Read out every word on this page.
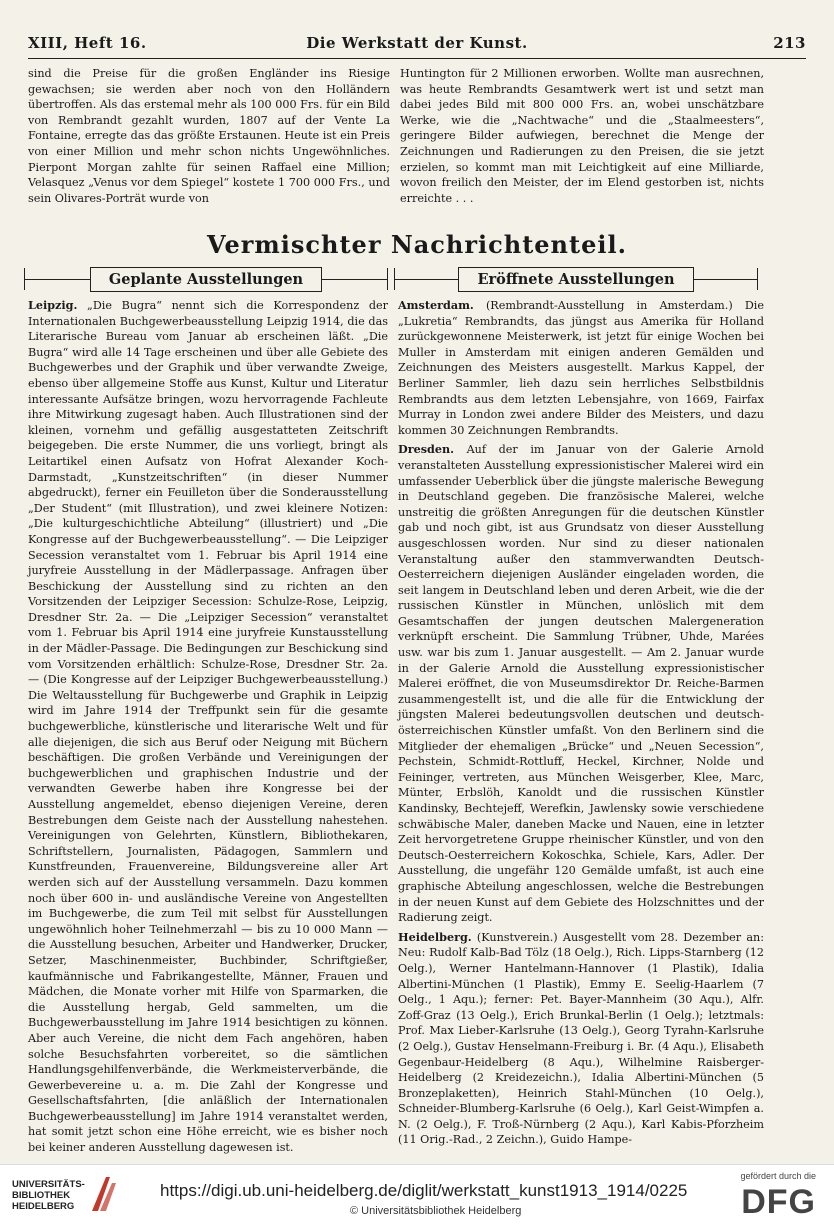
XIII, Heft 16.	Die Werkstatt der Kunst.	213
sind die Preise für die großen Engländer ins Riesige gewachsen; sie werden aber noch von den Holländern übertroffen. Als das erstemal mehr als 100 000 Frs. für ein Bild von Rembrandt gezahlt wurden, 1807 auf der Vente La Fontaine, erregte das das größte Erstaunen. Heute ist ein Preis von einer Million und mehr schon nichts Ungewöhnliches. Pierpont Morgan zahlte für seinen Raffael eine Million; Velasquez „Venus vor dem Spiegel“ kostete 1 700 000 Frs., und sein Olivares-Porträt wurde von
Huntington für 2 Millionen erworben. Wollte man ausrechnen, was heute Rembrandts Gesamtwerk wert ist und setzt man dabei jedes Bild mit 800 000 Frs. an, wobei unschätzbare Werke, wie die „Nachtwache“ und die „Staalmeesters“, geringere Bilder aufwiegen, berechnet die Menge der Zeichnungen und Radierungen zu den Preisen, die sie jetzt erzielen, so kommt man mit Leichtigkeit auf eine Milliarde, wovon freilich den Meister, der im Elend gestorben ist, nichts erreichte . . .
Vermischter Nachrichtenteil.
Geplante Ausstellungen	Eröffnete Ausstellungen

Leipzig. „Die Bugra“ nennt sich die Korrespondenz der Internationalen Buchgewerbeausstellung Leipzig 1914, die das Literarische Bureau vom Januar ab erscheinen läßt. „Die Bugra“ wird alle 14 Tage erscheinen und über alle Gebiete des Buchgewerbes und der Graphik und über verwandte Zweige, ebenso über allgemeine Stoffe aus Kunst, Kultur und Literatur interessante Aufsätze bringen, wozu hervorragende Fachleute ihre Mitwirkung zugesagt haben. Auch Illustrationen sind der kleinen, vornehm und gefällig ausgestatteten Zeitschrift beigegeben. Die erste Nummer, die uns vorliegt, bringt als Leitartikel einen Aufsatz von Hofrat Alexander Koch-Darmstadt, „Kunstzeitschriften“ (in dieser Nummer abgedruckt), ferner ein Feuilleton über die Sonderausstellung „Der Student“ (mit Illustration), und zwei kleinere Notizen: „Die kulturgeschichtliche Abteilung“ (illustriert) und „Die Kongresse auf der Buchgewerbeausstellung“. — Die Leipziger Secession veranstaltet vom 1. Februar bis April 1914 eine juryfreie Ausstellung in der Mädlerpassage. Anfragen über Beschickung der Ausstellung sind zu richten an den Vorsitzenden der Leipziger Secession: Schulze-Rose, Leipzig, Dresdner Str. 2a. — Die „Leipziger Secession“ veranstaltet vom 1. Februar bis April 1914 eine juryfreie Kunstausstellung in der Mädler-Passage. Die Bedingungen zur Beschickung sind vom Vorsitzenden erhältlich: Schulze-Rose, Dresdner Str. 2a. — (Die Kongresse auf der Leipziger Buchgewerbeausstellung.) Die Weltausstellung für Buchgewerbe und Graphik in Leipzig wird im Jahre 1914 der Treffpunkt sein für die gesamte buchgewerbliche, künstlerische und literarische Welt und für alle diejenigen, die sich aus Beruf oder Neigung mit Büchern beschäftigen. Die großen Verbände und Vereinigungen der buchgewerblichen und graphischen Industrie und der verwandten Gewerbe haben ihre Kongresse bei der Ausstellung angemeldet, ebenso diejenigen Vereine, deren Bestrebungen dem Geiste nach der Ausstellung nahestehen. Vereinigungen von Gelehrten, Künstlern, Bibliothekaren, Schriftstellern, Journalisten, Pädagogen, Sammlern und Kunstfreunden, Frauenvereine, Bildungsvereine aller Art werden sich auf der Ausstellung versammeln. Dazu kommen noch über 600 in- und ausländische Vereine von Angestellten im Buchgewerbe, die zum Teil mit selbst für Ausstellungen ungewöhnlich hoher Teilnehmerzahl — bis zu 10 000 Mann — die Ausstellung besuchen, Arbeiter und Handwerker, Drucker, Setzer, Maschinenmeister, Buchbinder, Schriftgießer, kaufmännische und Fabrikangestellte, Männer, Frauen und Mädchen, die Monate vorher mit Hilfe von Sparmarken, die die Ausstellung hergab, Geld sammelten, um die Buchgewerbausstellung im Jahre 1914 besichtigen zu können. Aber auch Vereine, die nicht dem Fach angehören, haben solche Besuchsfahrten vorbereitet, so die sämtlichen Handlungsgehilfenverbände, die Werkmeisterverbände, die Gewerbevereine u. a. m. Die Zahl der Kongresse und Gesellschaftsfahrten, [die anläßlich der Internationalen Buchgewerbeausstellung] im Jahre 1914 veranstaltet werden, hat somit jetzt schon eine Höhe erreicht, wie es bisher noch bei keiner anderen Ausstellung dagewesen ist.

Amsterdam. (Rembrandt-Ausstellung in Amsterdam.) Die „Lukretia“ Rembrandts, das jüngst aus Amerika für Holland zurückgewonnene Meisterwerk, ist jetzt für einige Wochen bei Muller in Amsterdam mit einigen anderen Gemälden und Zeichnungen des Meisters ausgestellt. Markus Kappel, der Berliner Sammler, lieh dazu sein herrliches Selbstbildnis Rembrandts aus dem letzten Lebensjahre, von 1669, Fairfax Murray in London zwei andere Bilder des Meisters, und dazu kommen 30 Zeichnungen Rembrandts.

Dresden. Auf der im Januar von der Galerie Arnold veranstalteten Ausstellung expressionistischer Malerei wird ein umfassender Ueberblick über die jüngste malerische Bewegung in Deutschland gegeben. Die französische Malerei, welche unstreitig die größten Anregungen für die deutschen Künstler gab und noch gibt, ist aus Grundsatz von dieser Ausstellung ausgeschlossen worden. Nur sind zu dieser nationalen Veranstaltung außer den stammverwandten Deutsch-Oesterreichern diejenigen Ausländer eingeladen worden, die seit langem in Deutschland leben und deren Arbeit, wie die der russischen Künstler in München, unlöslich mit dem Gesamtschaffen der jungen deutschen Malergeneration verknüpft erscheint. Die Sammlung Trübner, Uhde, Marées usw. war bis zum 1. Januar ausgestellt. — Am 2. Januar wurde in der Galerie Arnold die Ausstellung expressionistischer Malerei eröffnet, die von Museumsdirektor Dr. Reiche-Barmen zusammengestellt ist, und die alle für die Entwicklung der jüngsten Malerei bedeutungsvollen deutschen und deutsch-österreichischen Künstler umfaßt. Von den Berlinern sind die Mitglieder der ehemaligen „Brücke“ und „Neuen Secession“, Pechstein, Schmidt-Rottluff, Heckel, Kirchner, Nolde und Feininger, vertreten, aus München Weisgerber, Klee, Marc, Münter, Erbslöh, Kanoldt und die russischen Künstler Kandinsky, Bechtejeff, Werefkin, Jawlensky sowie verschiedene schwäbische Maler, daneben Macke und Nauen, eine in letzter Zeit hervorgetretene Gruppe rheinischer Künstler, und von den Deutsch-Oesterreichern Kokoschka, Schiele, Kars, Adler. Der Ausstellung, die ungefähr 120 Gemälde umfaßt, ist auch eine graphische Abteilung angeschlossen, welche die Bestrebungen in der neuen Kunst auf dem Gebiete des Holzschnittes und der Radierung zeigt.

Heidelberg. (Kunstverein.) Ausgestellt vom 28. Dezember an: Neu: Rudolf Kalb-Bad Tölz (18 Oelg.), Rich. Lipps-Starnberg (12 Oelg.), Werner Hantelmann-Hannover (1 Plastik), Idalia Albertini-München (1 Plastik), Emmy E. Seelig-Haarlem (7 Oelg., 1 Aqu.); ferner: Pet. Bayer-Mannheim (30 Aqu.), Alfr. Zoff-Graz (13 Oelg.), Erich Brunkal-Berlin (1 Oelg.); letztmals: Prof. Max Lieber-Karlsruhe (13 Oelg.), Georg Tyrahn-Karlsruhe (2 Oelg.), Gustav Henselmann-Freiburg i. Br. (4 Aqu.), Elisabeth Gegenbaur-Heidelberg (8 Aqu.), Wilhelmine Raisberger-Heidelberg (2 Kreidezeichn.), Idalia Albertini-München (5 Bronzeplaketten), Heinrich Stahl-München (10 Oelg.), Schneider-Blumberg-Karlsruhe (6 Oelg.), Karl Geist-Wimpfen a. N. (2 Oelg.), F. Troß-Nürnberg (2 Aqu.), Karl Kabis-Pforzheim (11 Orig.-Rad., 2 Zeichn.), Guido Hampe-

UNIVERSITÄTS-
BIBLIOTHEK
HEIDELBERG
https://digi.ub.uni-heidelberg.de/diglit/werkstatt_kunst1913_1914/0225
© Universitätsbibliothek Heidelberg
gefördert durch die
DFG
